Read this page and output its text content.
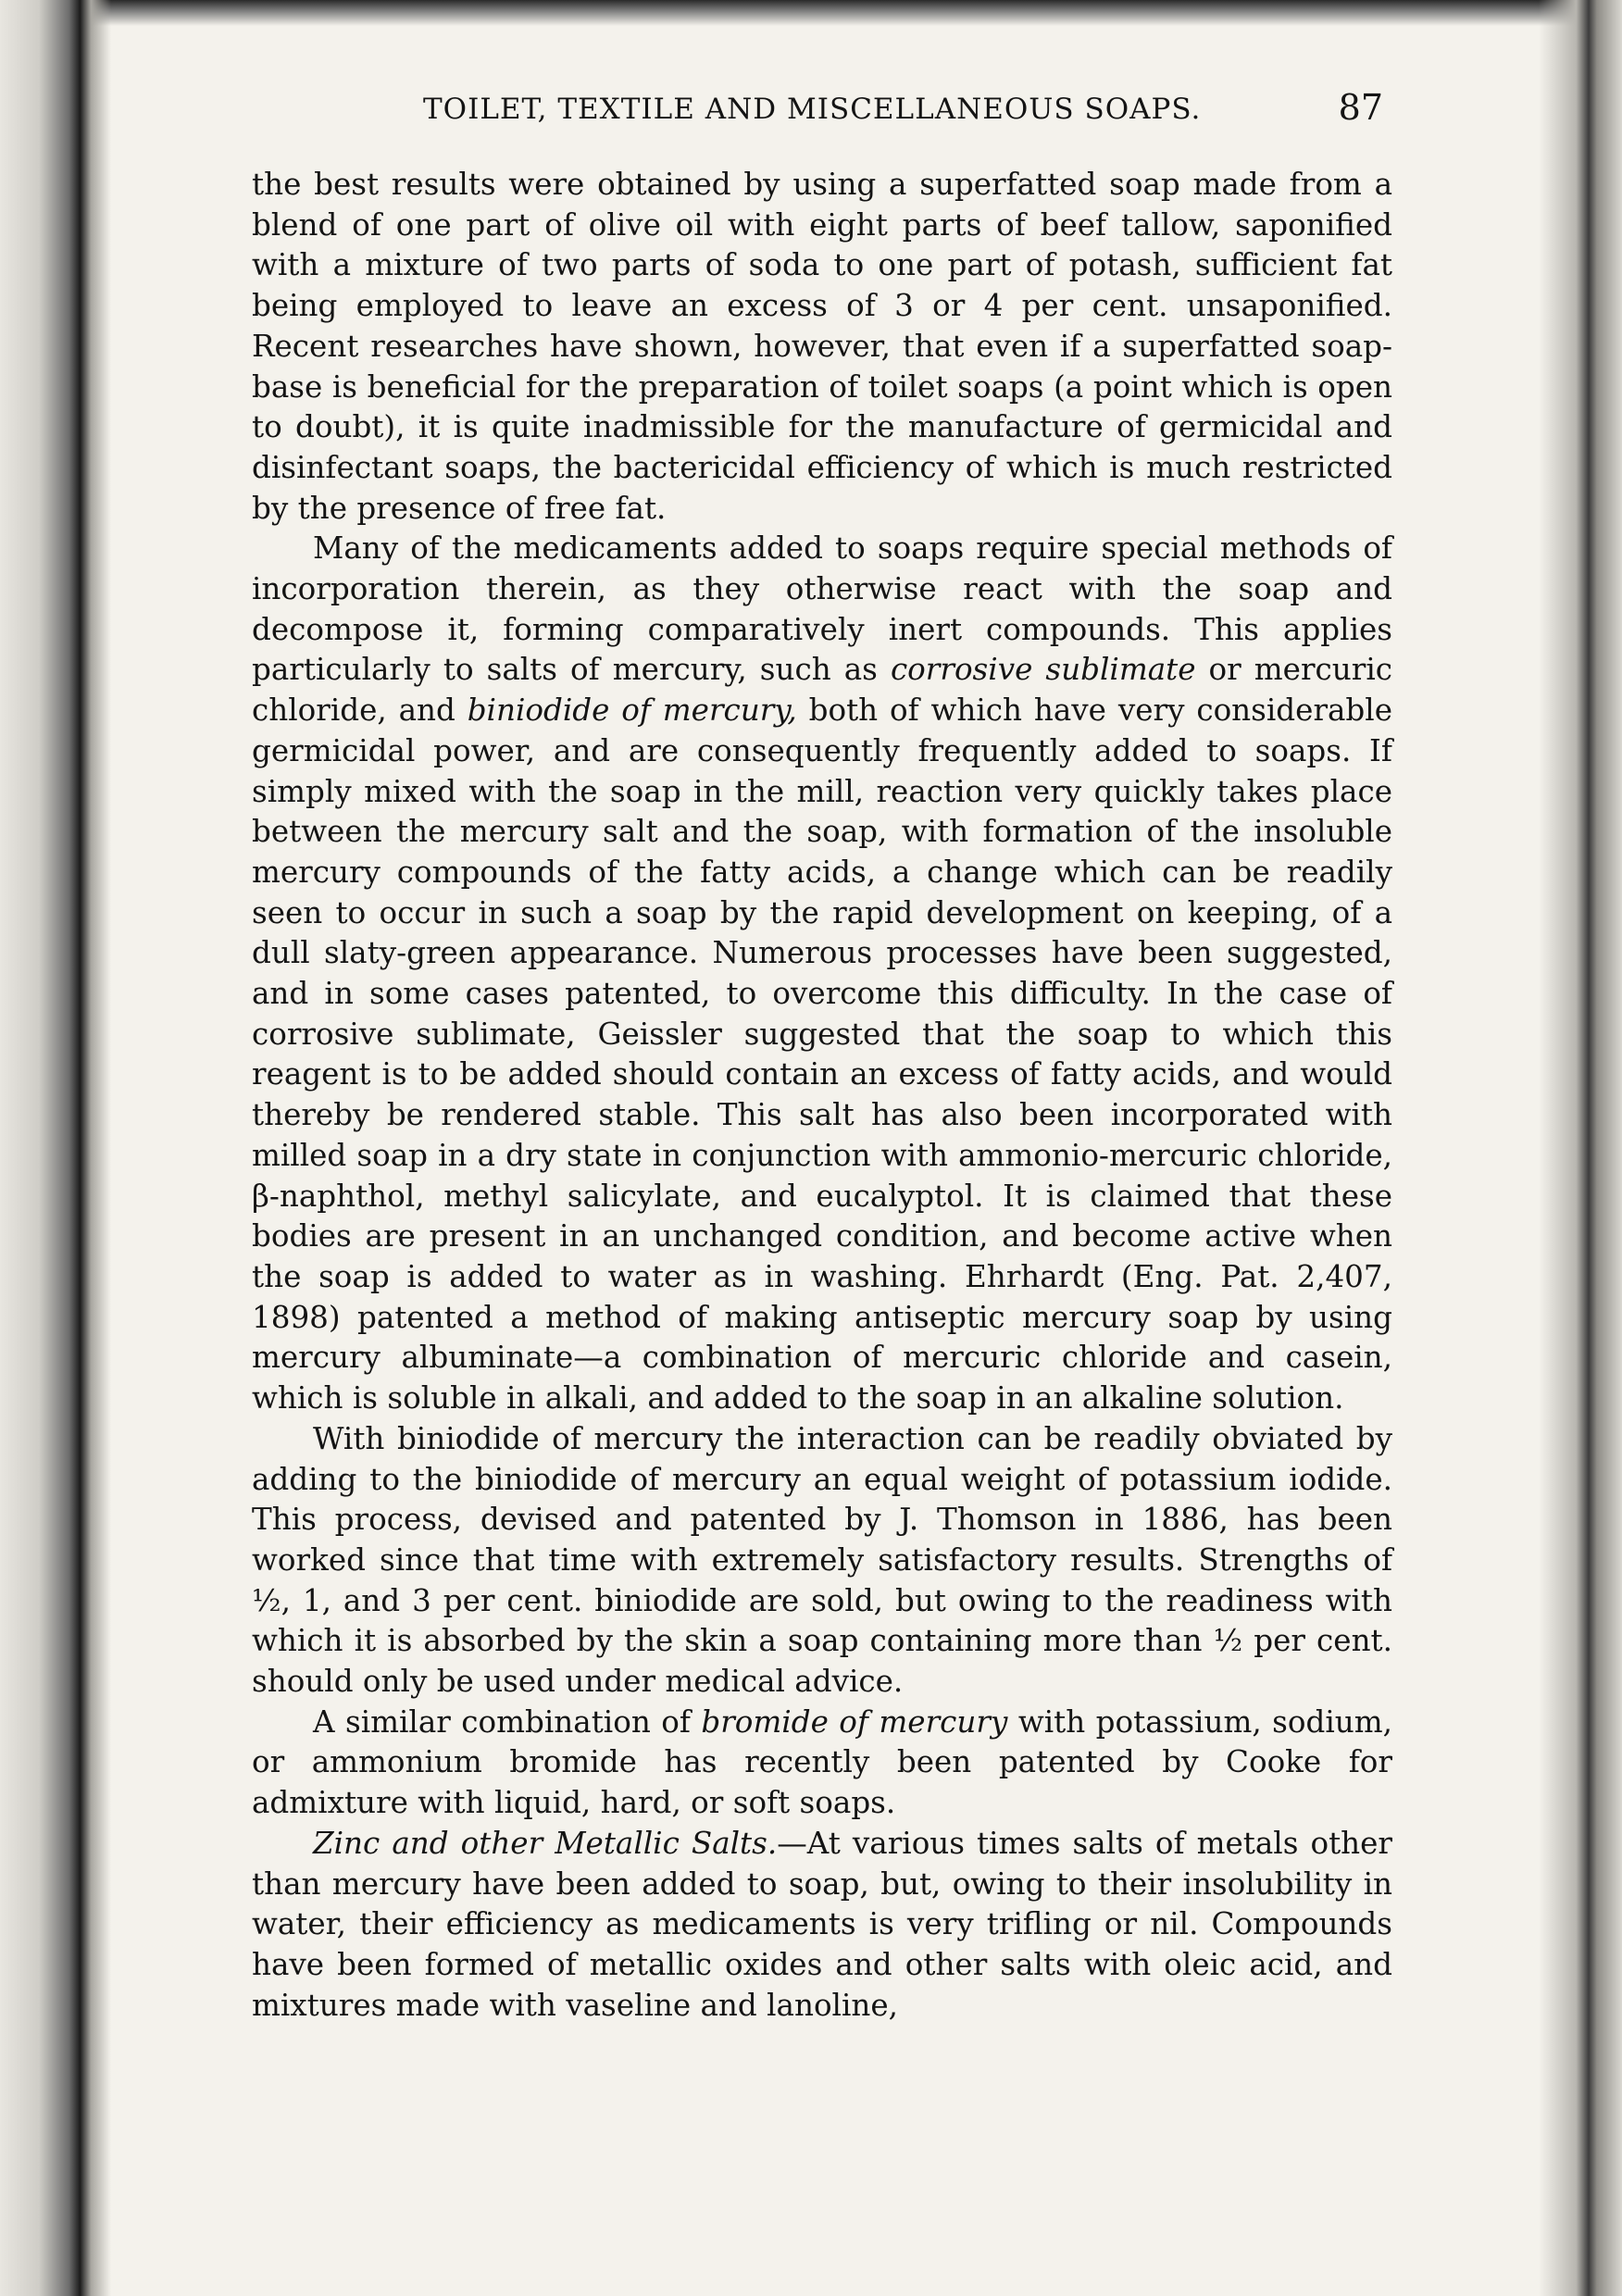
TOILET, TEXTILE AND MISCELLANEOUS SOAPS.	87

the best results were obtained by using a superfatted soap made from a blend of one part of olive oil with eight parts of beef tallow, saponified with a mixture of two parts of soda to one part of potash, sufficient fat being employed to leave an excess of 3 or 4 per cent. unsaponified. Recent researches have shown, however, that even if a superfatted soap-base is beneficial for the preparation of toilet soaps (a point which is open to doubt), it is quite inadmissible for the manufacture of germicidal and disinfectant soaps, the bactericidal efficiency of which is much restricted by the presence of free fat.

Many of the medicaments added to soaps require special methods of incorporation therein, as they otherwise react with the soap and decompose it, forming comparatively inert compounds. This applies particularly to salts of mercury, such as corrosive sublimate or mercuric chloride, and biniodide of mercury, both of which have very considerable germicidal power, and are consequently frequently added to soaps. If simply mixed with the soap in the mill, reaction very quickly takes place between the mercury salt and the soap, with formation of the insoluble mercury compounds of the fatty acids, a change which can be readily seen to occur in such a soap by the rapid development on keeping, of a dull slaty-green appearance. Numerous processes have been suggested, and in some cases patented, to overcome this difficulty. In the case of corrosive sublimate, Geissler suggested that the soap to which this reagent is to be added should contain an excess of fatty acids, and would thereby be rendered stable. This salt has also been incorporated with milled soap in a dry state in conjunction with ammonio-mercuric chloride, β-naphthol, methyl salicylate, and eucalyptol. It is claimed that these bodies are present in an unchanged condition, and become active when the soap is added to water as in washing. Ehrhardt (Eng. Pat. 2,407, 1898) patented a method of making antiseptic mercury soap by using mercury albuminate—a combination of mercuric chloride and casein, which is soluble in alkali, and added to the soap in an alkaline solution.

With biniodide of mercury the interaction can be readily obviated by adding to the biniodide of mercury an equal weight of potassium iodide. This process, devised and patented by J. Thomson in 1886, has been worked since that time with extremely satisfactory results. Strengths of ½, 1, and 3 per cent. biniodide are sold, but owing to the readiness with which it is absorbed by the skin a soap containing more than ½ per cent. should only be used under medical advice.

A similar combination of bromide of mercury with potassium, sodium, or ammonium bromide has recently been patented by Cooke for admixture with liquid, hard, or soft soaps.

Zinc and other Metallic Salts.—At various times salts of metals other than mercury have been added to soap, but, owing to their insolubility in water, their efficiency as medicaments is very trifling or nil. Compounds have been formed of metallic oxides and other salts with oleic acid, and mixtures made with vaseline and lanoline,
